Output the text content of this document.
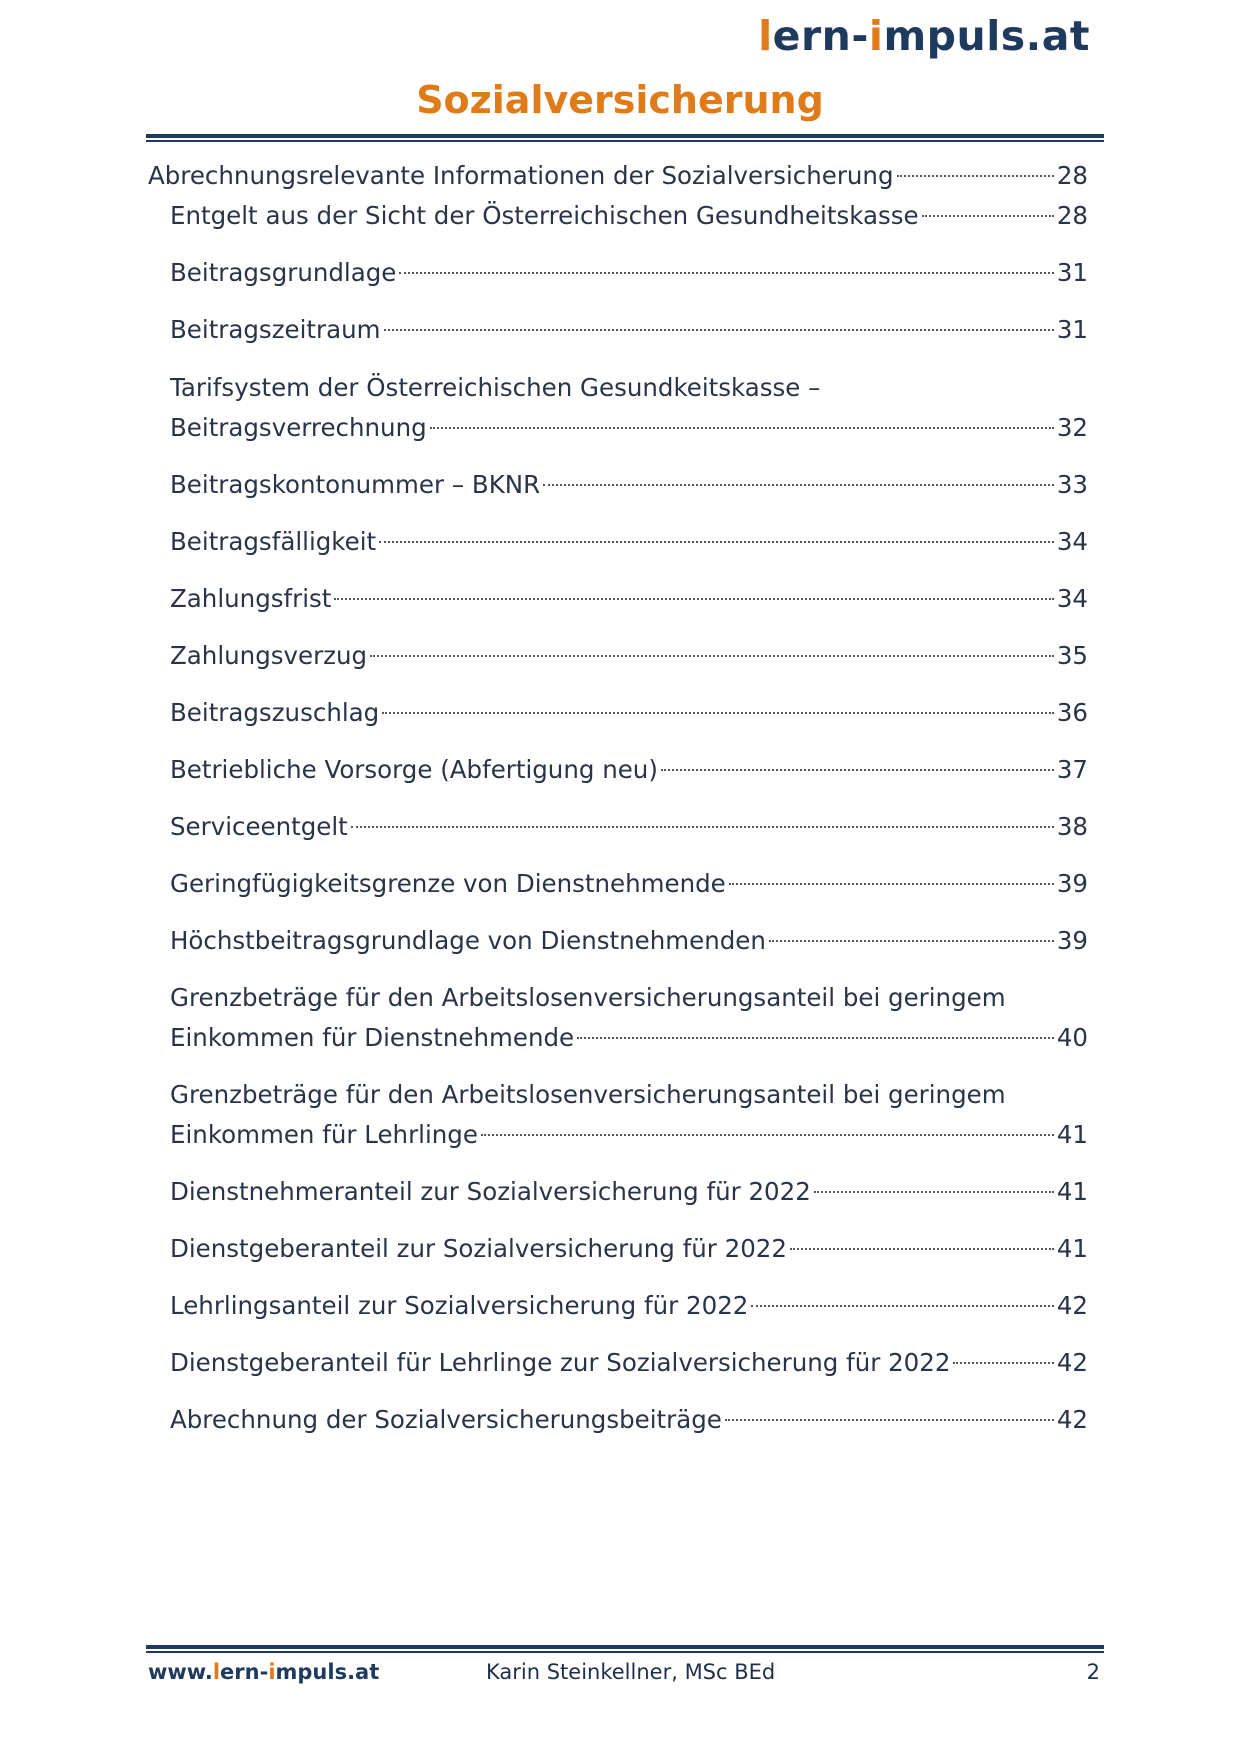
lern-impuls.at
Sozialversicherung
Abrechnungsrelevante Informationen der Sozialversicherung	28
Entgelt aus der Sicht der Österreichischen Gesundheitskasse	28
Beitragsgrundlage	31
Beitragszeitraum	31
Tarifsystem der Österreichischen Gesundkeitskasse –
Beitragsverrechnung	32
Beitragskontonummer – BKNR	33
Beitragsfälligkeit	34
Zahlungsfrist	34
Zahlungsverzug	35
Beitragszuschlag	36
Betriebliche Vorsorge (Abfertigung neu)	37
Serviceentgelt	38
Geringfügigkeitsgrenze von Dienstnehmende	39
Höchstbeitragsgrundlage von Dienstnehmenden	39
Grenzbeträge für den Arbeitslosenversicherungsanteil bei geringem
Einkommen für Dienstnehmende	40
Grenzbeträge für den Arbeitslosenversicherungsanteil bei geringem
Einkommen für Lehrlinge	41
Dienstnehmeranteil zur Sozialversicherung für 2022	41
Dienstgeberanteil zur Sozialversicherung für 2022	41
Lehrlingsanteil zur Sozialversicherung für 2022	42
Dienstgeberanteil für Lehrlinge zur Sozialversicherung für 2022	42
Abrechnung der Sozialversicherungsbeiträge	42
www.lern-impuls.at	Karin Steinkellner, MSc BEd	2
